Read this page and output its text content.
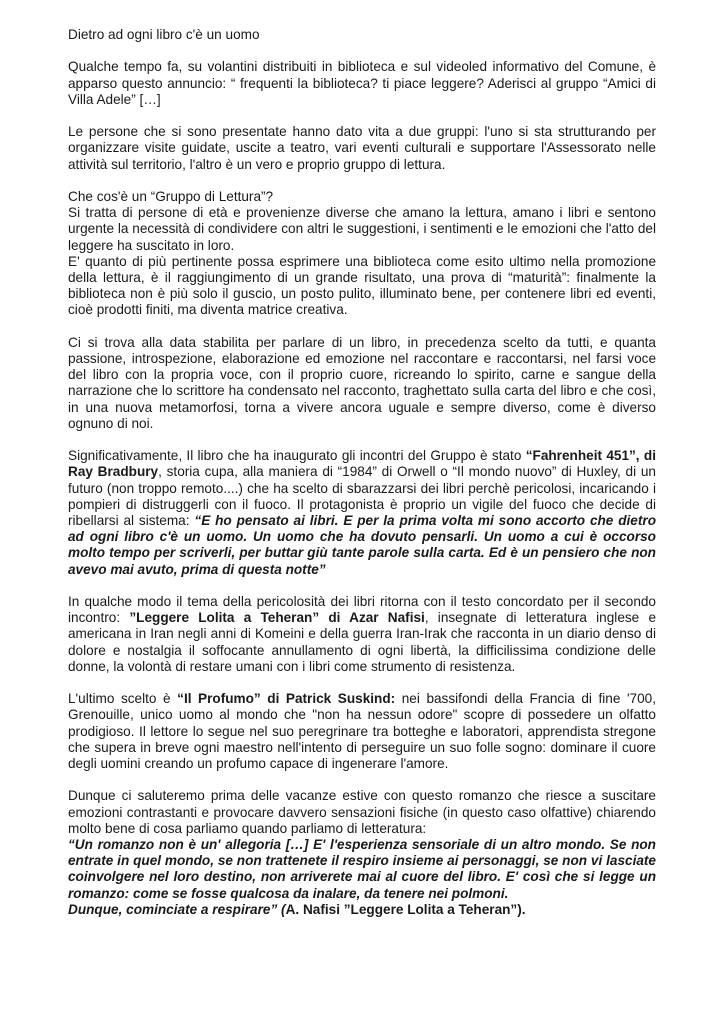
Dietro ad ogni libro c'è un uomo

Qualche tempo fa, su volantini distribuiti in biblioteca e sul videoled informativo del Comune, è apparso questo annuncio: “ frequenti la biblioteca? ti piace leggere? Aderisci al gruppo “Amici di Villa Adele” […]

Le persone che si sono presentate hanno dato vita a due gruppi: l'uno si sta strutturando per organizzare visite guidate, uscite a teatro, vari eventi culturali e supportare l'Assessorato nelle attività sul territorio, l'altro è un vero e proprio gruppo di lettura.

Che cos'è un “Gruppo di Lettura”?
Si tratta di persone di età e provenienze diverse che amano la lettura, amano i libri e sentono urgente la necessità di condividere con altri le suggestioni, i sentimenti e le emozioni che l'atto del leggere ha suscitato in loro.
E' quanto di più pertinente possa esprimere una biblioteca come esito ultimo nella promozione della lettura, è il raggiungimento di un grande risultato, una prova di “maturità”: finalmente la biblioteca non è più solo il guscio, un posto pulito, illuminato bene, per contenere libri ed eventi, cioè prodotti finiti, ma diventa matrice creativa.

Ci si trova alla data stabilita per parlare di un libro, in precedenza scelto da tutti, e quanta passione, introspezione, elaborazione ed emozione nel raccontare e raccontarsi, nel farsi voce del libro con la propria voce, con il proprio cuore, ricreando lo spirito, carne e sangue della narrazione che lo scrittore ha condensato nel racconto, traghettato sulla carta del libro e che così, in una nuova metamorfosi, torna a vivere ancora uguale e sempre diverso, come è diverso ognuno di noi.

Significativamente, Il libro che ha inaugurato gli incontri del Gruppo è stato “Fahrenheit 451”, di Ray Bradbury, storia cupa, alla maniera di “1984” di Orwell o “Il mondo nuovo” di Huxley, di un futuro (non troppo remoto....) che ha scelto di sbarazzarsi dei libri perchè pericolosi, incaricando i pompieri di distruggerli con il fuoco. Il protagonista è proprio un vigile del fuoco che decide di ribellarsi al sistema: “E ho pensato ai libri. E per la prima volta mi sono accorto che dietro ad ogni libro c'è un uomo. Un uomo che ha dovuto pensarli. Un uomo a cui è occorso molto tempo per scriverli, per buttar giù tante parole sulla carta. Ed è un pensiero che non avevo mai avuto, prima di questa notte”

In qualche modo il tema della pericolosità dei libri ritorna con il testo concordato per il secondo incontro: ”Leggere Lolita a Teheran” di Azar Nafisi, insegnate di letteratura inglese e americana in Iran negli anni di Komeini e della guerra Iran-Irak che racconta in un diario denso di dolore e nostalgia il soffocante annullamento di ogni libertà, la difficilissima condizione delle donne, la volontà di restare umani con i libri come strumento di resistenza.

L'ultimo scelto è “Il Profumo” di Patrick Suskind: nei bassifondi della Francia di fine '700, Grenouille, unico uomo al mondo che "non ha nessun odore" scopre di possedere un olfatto prodigioso. Il lettore lo segue nel suo peregrinare tra botteghe e laboratori, apprendista stregone che supera in breve ogni maestro nell'intento di perseguire un suo folle sogno: dominare il cuore degli uomini creando un profumo capace di ingenerare l'amore.

Dunque ci saluteremo prima delle vacanze estive con questo romanzo che riesce a suscitare emozioni contrastanti e provocare davvero sensazioni fisiche (in questo caso olfattive) chiarendo molto bene di cosa parliamo quando parliamo di letteratura:
“Un romanzo non è un' allegoria […] E' l'esperienza sensoriale di un altro mondo. Se non entrate in quel mondo, se non trattenete il respiro insieme ai personaggi, se non vi lasciate coinvolgere nel loro destino, non arriverete mai al cuore del libro. E' così che si legge un romanzo: come se fosse qualcosa da inalare, da tenere nei polmoni.
Dunque, cominciate a respirare” (A. Nafisi ”Leggere Lolita a Teheran”).
